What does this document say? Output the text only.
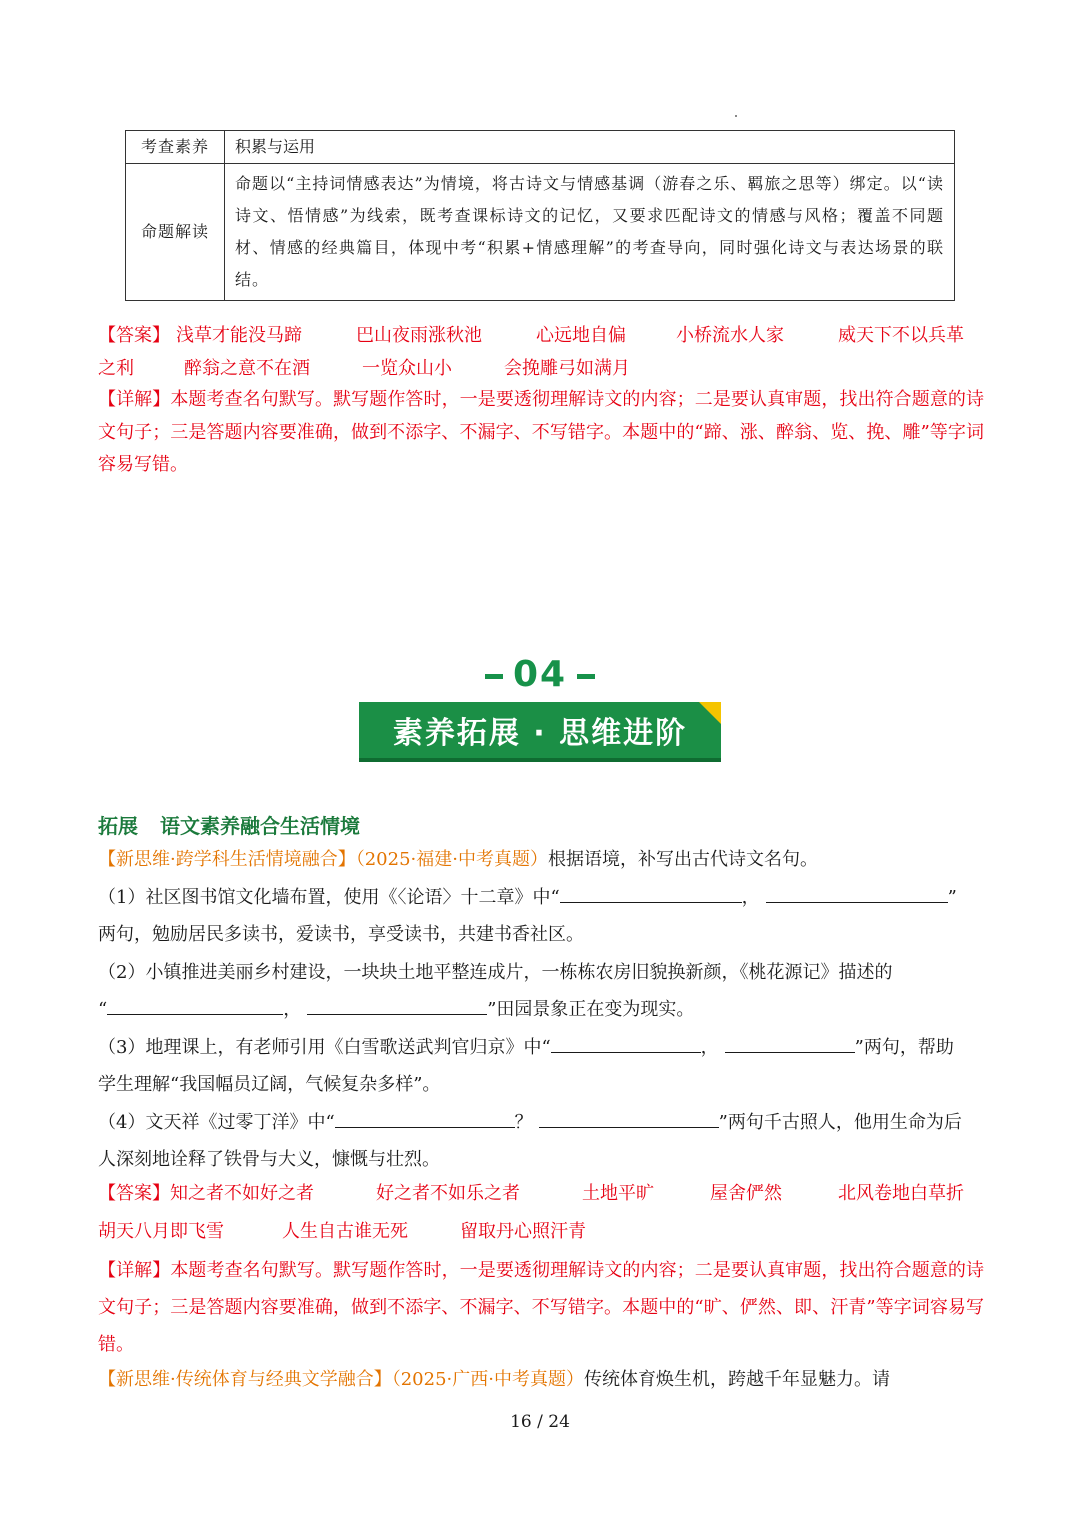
考查素养	积累与运用
命题解读	命题以“主持词情感表达”为情境，将古诗文与情感基调（游春之乐、羁旅之思等）绑定。以“读诗文、悟情感”为线索，既考查课标诗文的记忆，又要求匹配诗文的情感与风格；覆盖不同题材、情感的经典篇目，体现中考“积累+情感理解”的考查导向，同时强化诗文与表达场景的联结。
【答案】 浅草才能没马蹄	巴山夜雨涨秋池	心远地自偏	小桥流水人家	威天下不以兵革
之利	醉翁之意不在酒	一览众山小	会挽雕弓如满月
【详解】本题考查名句默写。默写题作答时，一是要透彻理解诗文的内容；二是要认真审题，找出符合题意的诗文句子；三是答题内容要准确，做到不添字、不漏字、不写错字。本题中的“蹄、涨、醉翁、览、挽、雕”等字词容易写错。
04
素养拓展 · 思维进阶
拓展 语文素养融合生活情境
【新思维·跨学科生活情境融合】（2025·福建·中考真题）根据语境，补写出古代诗文名句。
（1）社区图书馆文化墙布置，使用《〈论语〉十二章》中“	，	”
两句，勉励居民多读书，爱读书，享受读书，共建书香社区。
（2）小镇推进美丽乡村建设，一块块土地平整连成片，一栋栋农房旧貌换新颜，《桃花源记》描述的
“	，	”田园景象正在变为现实。
（3）地理课上，有老师引用《白雪歌送武判官归京》中“	，	”两句，帮助
学生理解“我国幅员辽阔，气候复杂多样”。
（4）文天祥《过零丁洋》中“	？	”两句千古照人，他用生命为后
人深刻地诠释了铁骨与大义，慷慨与壮烈。
【答案】 知之者不如好之者	好之者不如乐之者	土地平旷	屋舍俨然	北风卷地白草折
胡天八月即飞雪	人生自古谁无死	留取丹心照汗青
【详解】本题考查名句默写。默写题作答时，一是要透彻理解诗文的内容；二是要认真审题，找出符合题意的诗文句子；三是答题内容要准确，做到不添字、不漏字、不写错字。本题中的“旷、俨然、即、汗青”等字词容易写错。
【新思维·传统体育与经典文学融合】（2025·广西·中考真题）传统体育焕生机，跨越千年显魅力。请
16 / 24
